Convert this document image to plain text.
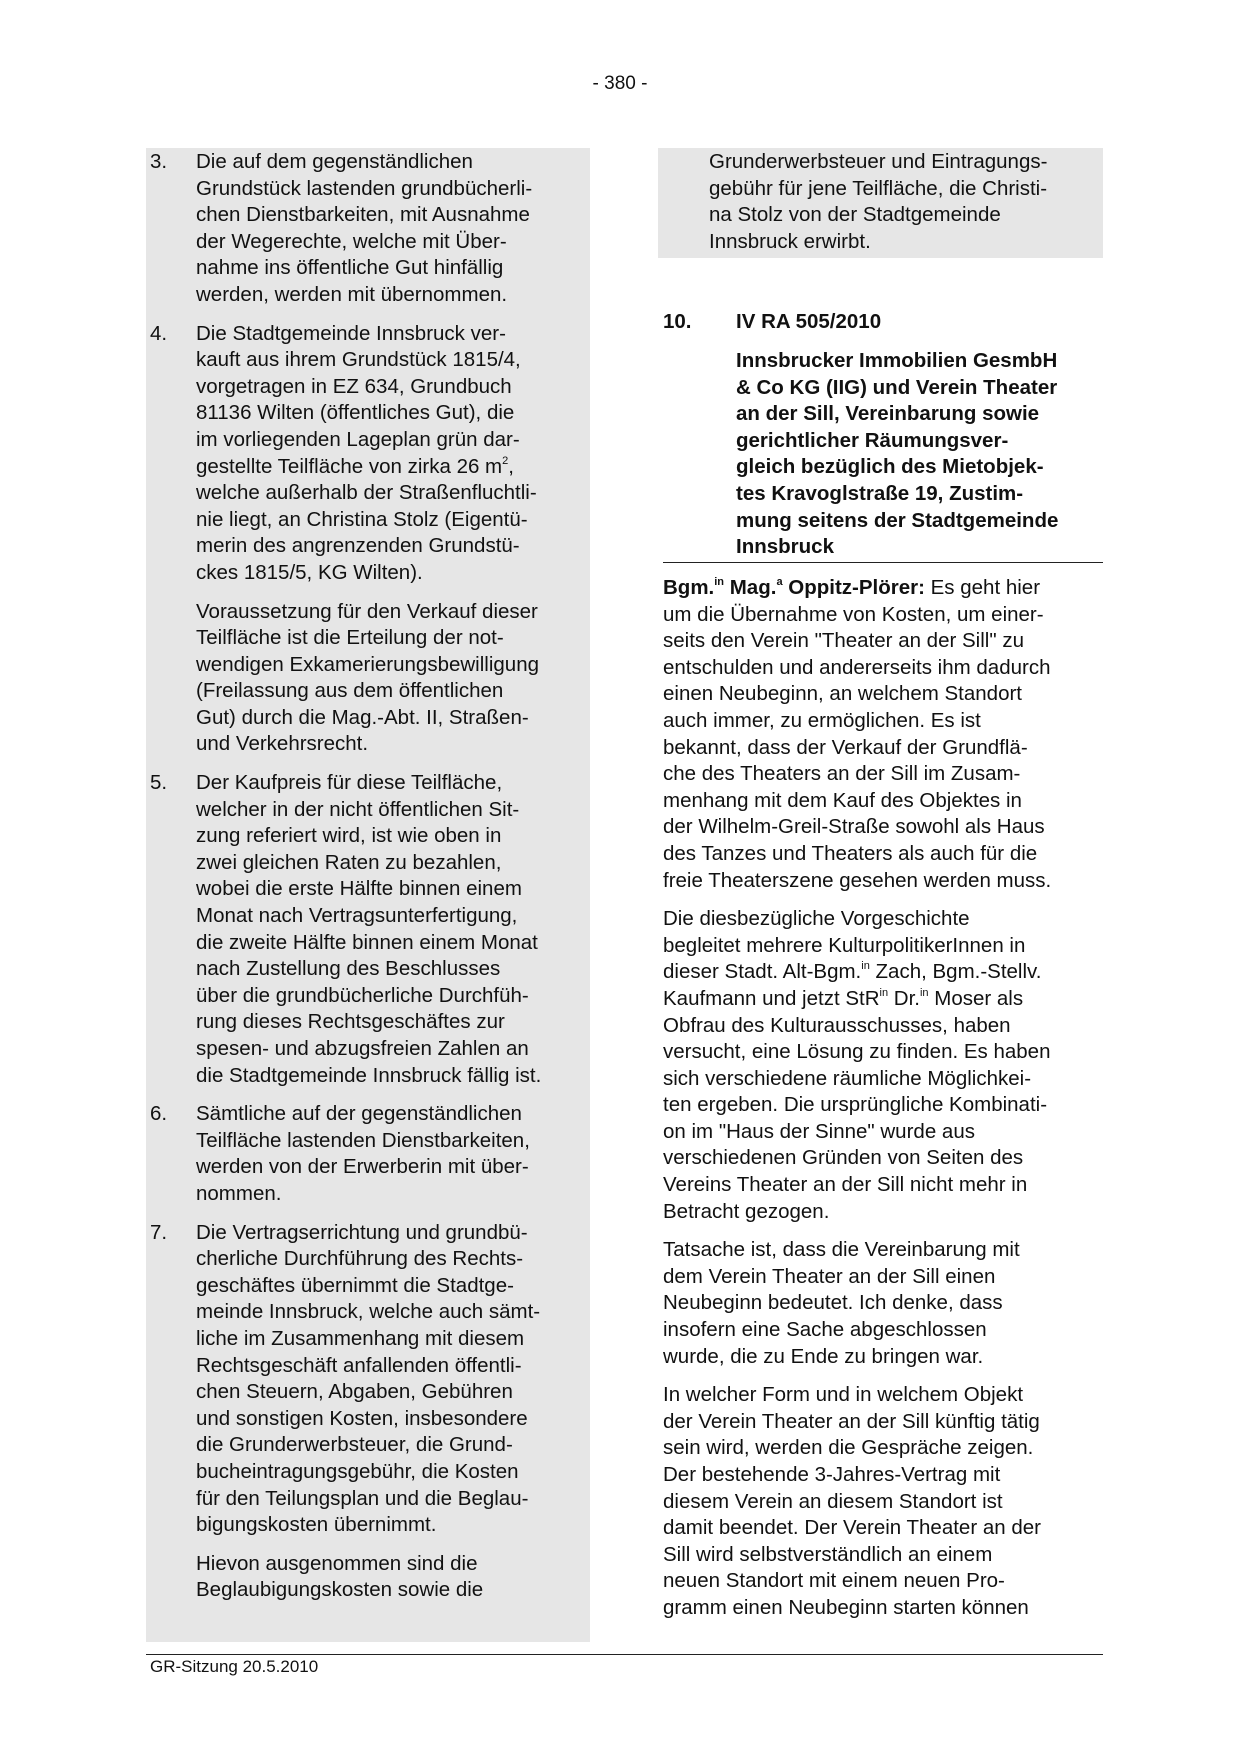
- 380 -
3. Die auf dem gegenständlichen
Grundstück lastenden grundbücherli-
chen Dienstbarkeiten, mit Ausnahme
der Wegerechte, welche mit Über-
nahme ins öffentliche Gut hinfällig
werden, werden mit übernommen.
4. Die Stadtgemeinde Innsbruck ver-
kauft aus ihrem Grundstück 1815/4,
vorgetragen in EZ 634, Grundbuch
81136 Wilten (öffentliches Gut), die
im vorliegenden Lageplan grün dar-
gestellte Teilfläche von zirka 26 $m^2$,
welche außerhalb der Straßenfluchtli-
nie liegt, an Christina Stolz (Eigentü-
merin des angrenzenden Grundstü-
ckes 1815/5, KG Wilten).
Voraussetzung für den Verkauf dieser
Teilfläche ist die Erteilung der not-
wendigen Exkamerierungsbewilligung
(Freilassung aus dem öffentlichen
Gut) durch die Mag.-Abt. II, Straßen-
und Verkehrsrecht.
5. Der Kaufpreis für diese Teilfläche,
welcher in der nicht öffentlichen Sit-
zung referiert wird, ist wie oben in
zwei gleichen Raten zu bezahlen,
wobei die erste Hälfte binnen einem
Monat nach Vertragsunterfertigung,
die zweite Hälfte binnen einem Monat
nach Zustellung des Beschlusses
über die grundbücherliche Durchfüh-
rung dieses Rechtsgeschäftes zur
spesen- und abzugsfreien Zahlen an
die Stadtgemeinde Innsbruck fällig ist.
6. Sämtliche auf der gegenständlichen
Teilfläche lastenden Dienstbarkeiten,
werden von der Erwerberin mit über-
nommen.
7. Die Vertragserrichtung und grundbü-
cherliche Durchführung des Rechts-
geschäftes übernimmt die Stadtge-
meinde Innsbruck, welche auch sämt-
liche im Zusammenhang mit diesem
Rechtsgeschäft anfallenden öffentli-
chen Steuern, Abgaben, Gebühren
und sonstigen Kosten, insbesondere
die Grunderwerbsteuer, die Grund-
bucheintragungsgebühr, die Kosten
für den Teilungsplan und die Beglau-
bigungskosten übernimmt.
Hievon ausgenommen sind die
Beglaubigungskosten sowie die
Grunderwerbsteuer und Eintragungs-
gebühr für jene Teilfläche, die Christi-
na Stolz von der Stadtgemeinde
Innsbruck erwirbt.
10. IV RA 505/2010
Innsbrucker Immobilien GesmbH
& Co KG (IIG) und Verein Theater
an der Sill, Vereinbarung sowie
gerichtlicher Räumungsver-
gleich bezüglich des Mietobjek-
tes Kravoglstraße 19, Zustim-
mung seitens der Stadtgemeinde
Innsbruck
Bgm.$^{in}$ Mag.$^a$ Oppitz-Plörer: Es geht hier
um die Übernahme von Kosten, um einer-
seits den Verein "Theater an der Sill" zu
entschulden und andererseits ihm dadurch
einen Neubeginn, an welchem Standort
auch immer, zu ermöglichen. Es ist
bekannt, dass der Verkauf der Grundflä-
che des Theaters an der Sill im Zusam-
menhang mit dem Kauf des Objektes in
der Wilhelm-Greil-Straße sowohl als Haus
des Tanzes und Theaters als auch für die
freie Theaterszene gesehen werden muss.
Die diesbezügliche Vorgeschichte
begleitet mehrere KulturpolitikerInnen in
dieser Stadt. Alt-Bgm.$^{in}$ Zach, Bgm.-Stellv.
Kaufmann und jetzt StR$^{in}$ Dr.$^{in}$ Moser als
Obfrau des Kulturausschusses, haben
versucht, eine Lösung zu finden. Es haben
sich verschiedene räumliche Möglichkei-
ten ergeben. Die ursprüngliche Kombinati-
on im "Haus der Sinne" wurde aus
verschiedenen Gründen von Seiten des
Vereins Theater an der Sill nicht mehr in
Betracht gezogen.
Tatsache ist, dass die Vereinbarung mit
dem Verein Theater an der Sill einen
Neubeginn bedeutet. Ich denke, dass
insofern eine Sache abgeschlossen
wurde, die zu Ende zu bringen war.
In welcher Form und in welchem Objekt
der Verein Theater an der Sill künftig tätig
sein wird, werden die Gespräche zeigen.
Der bestehende 3-Jahres-Vertrag mit
diesem Verein an diesem Standort ist
damit beendet. Der Verein Theater an der
Sill wird selbstverständlich an einem
neuen Standort mit einem neuen Pro-
gramm einen Neubeginn starten können
GR-Sitzung 20.5.2010
